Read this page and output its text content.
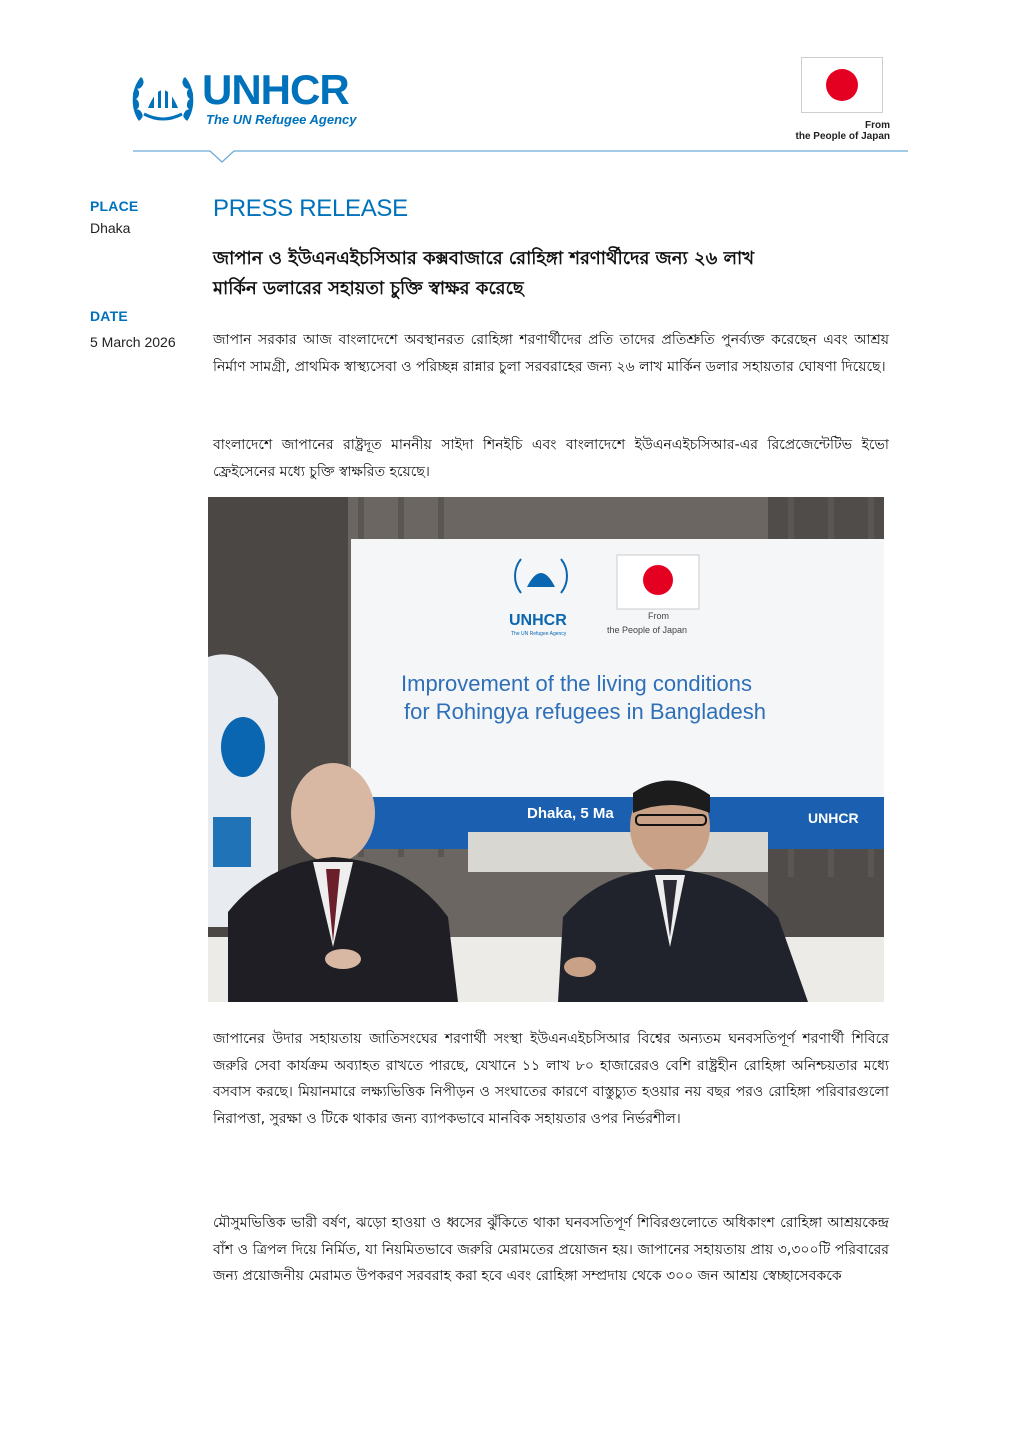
UNHCR
The UN Refugee Agency	From
the People of Japan
PLACE
Dhaka
DATE
5 March 2026
PRESS RELEASE
জাপান ও ইউএনএইচসিআর কক্সবাজারে রোহিঙ্গা শরণার্থীদের জন্য ২৬ লাখ
মার্কিন ডলারের সহায়তা চুক্তি স্বাক্ষর করেছে
জাপান সরকার আজ বাংলাদেশে অবস্থানরত রোহিঙ্গা শরণার্থীদের প্রতি তাদের প্রতিশ্রুতি পুনর্ব্যক্ত করেছেন এবং আশ্রয় নির্মাণ সামগ্রী, প্রাথমিক স্বাস্থ্যসেবা ও পরিচ্ছন্ন রান্নার চুলা সরবরাহের জন্য ২৬ লাখ মার্কিন ডলার সহায়তার ঘোষণা দিয়েছে।
বাংলাদেশে জাপানের রাষ্ট্রদূত মাননীয় সাইদা শিনইচি এবং বাংলাদেশে ইউএনএইচসিআর-এর রিপ্রেজেন্টেটিভ ইভো ফ্রেইসেনের মধ্যে চুক্তি স্বাক্ষরিত হয়েছে।
UNHCR
The UN Refugee Agency
From
the People of Japan
Improvement of the living conditions
for Rohingya refugees in Bangladesh
Dhaka, 5 Ma	UNHCR
জাপানের উদার সহায়তায় জাতিসংঘের শরণার্থী সংস্থা ইউএনএইচসিআর বিশ্বের অন্যতম ঘনবসতিপূর্ণ শরণার্থী শিবিরে জরুরি সেবা কার্যক্রম অব্যাহত রাখতে পারছে, যেখানে ১১ লাখ ৮০ হাজারেরও বেশি রাষ্ট্রহীন রোহিঙ্গা অনিশ্চয়তার মধ্যে বসবাস করছে। মিয়ানমারে লক্ষ্যভিত্তিক নিপীড়ন ও সংঘাতের কারণে বাস্তুচ্যুত হওয়ার নয় বছর পরও রোহিঙ্গা পরিবারগুলো নিরাপত্তা, সুরক্ষা ও টিকে থাকার জন্য ব্যাপকভাবে মানবিক সহায়তার ওপর নির্ভরশীল।
মৌসুমভিত্তিক ভারী বর্ষণ, ঝড়ো হাওয়া ও ধ্বসের ঝুঁকিতে থাকা ঘনবসতিপূর্ণ শিবিরগুলোতে অধিকাংশ রোহিঙ্গা আশ্রয়কেন্দ্র বাঁশ ও ত্রিপল দিয়ে নির্মিত, যা নিয়মিতভাবে জরুরি মেরামতের প্রয়োজন হয়। জাপানের সহায়তায় প্রায় ৩,৩০০টি পরিবারের জন্য প্রয়োজনীয় মেরামত উপকরণ সরবরাহ করা হবে এবং রোহিঙ্গা সম্প্রদায় থেকে ৩০০ জন আশ্রয় স্বেচ্ছাসেবককে
